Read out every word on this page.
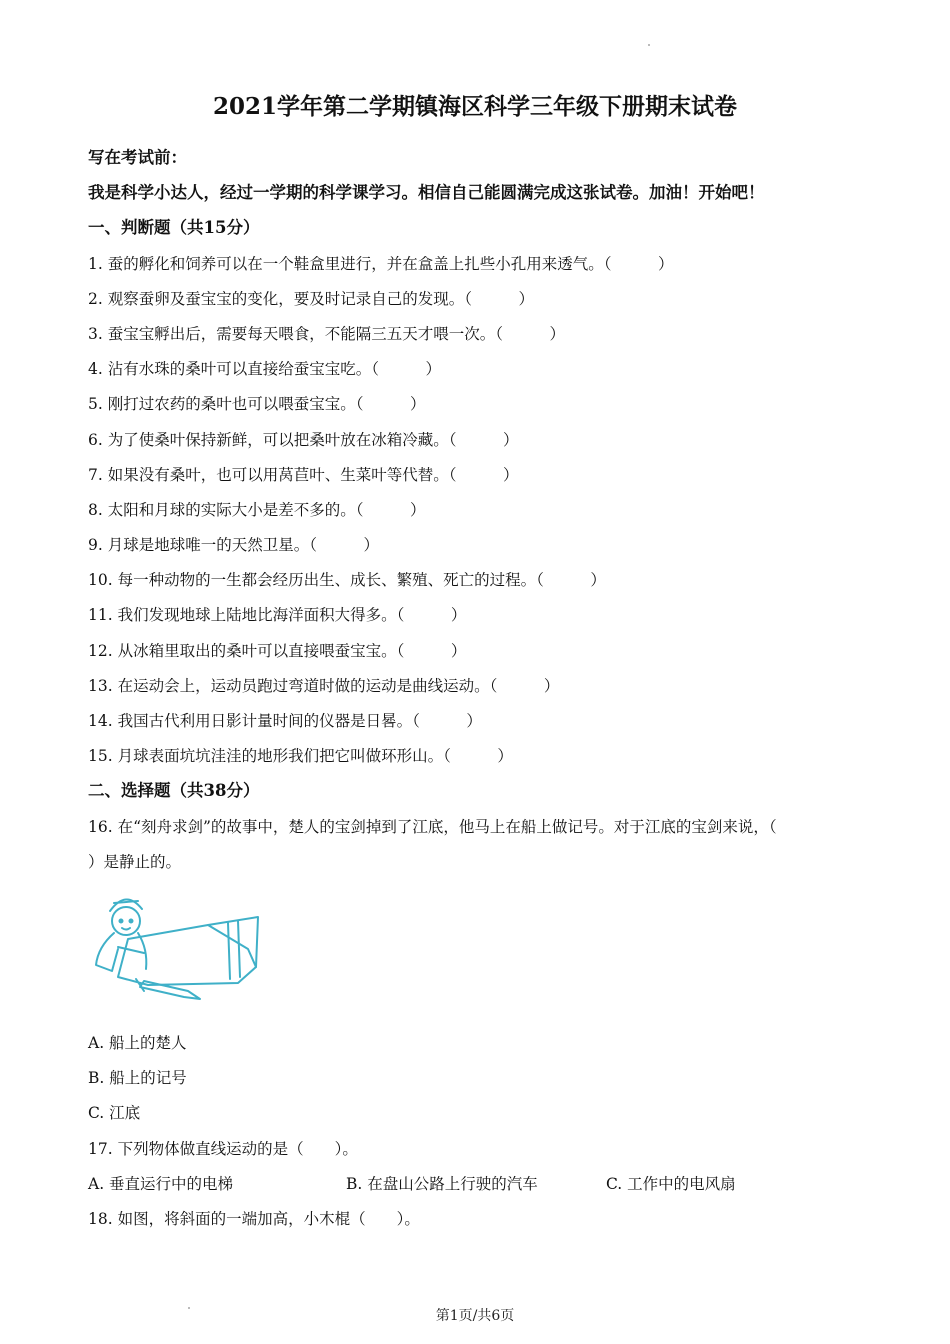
2021学年第二学期镇海区科学三年级下册期末试卷
写在考试前：
我是科学小达人，经过一学期的科学课学习。相信自己能圆满完成这张试卷。加油！开始吧！
一、判断题（共15分）
1. 蚕的孵化和饲养可以在一个鞋盒里进行，并在盒盖上扎些小孔用来透气。（　　　）
2. 观察蚕卵及蚕宝宝的变化，要及时记录自己的发现。（　　　）
3. 蚕宝宝孵出后，需要每天喂食，不能隔三五天才喂一次。（　　　）
4. 沾有水珠的桑叶可以直接给蚕宝宝吃。（　　　）
5. 刚打过农药的桑叶也可以喂蚕宝宝。（　　　）
6. 为了使桑叶保持新鲜，可以把桑叶放在冰箱冷藏。（　　　）
7. 如果没有桑叶，也可以用莴苣叶、生菜叶等代替。（　　　）
8. 太阳和月球的实际大小是差不多的。（　　　）
9. 月球是地球唯一的天然卫星。（　　　）
10. 每一种动物的一生都会经历出生、成长、繁殖、死亡的过程。（　　　）
11. 我们发现地球上陆地比海洋面积大得多。（　　　）
12. 从冰箱里取出的桑叶可以直接喂蚕宝宝。（　　　）
13. 在运动会上，运动员跑过弯道时做的运动是曲线运动。（　　　）
14. 我国古代利用日影计量时间的仪器是日晷。（　　　）
15. 月球表面坑坑洼洼的地形我们把它叫做环形山。（　　　）
二、选择题（共38分）
16. 在“刻舟求剑”的故事中，楚人的宝剑掉到了江底，他马上在船上做记号。对于江底的宝剑来说，（
）是静止的。
A. 船上的楚人
B. 船上的记号
C. 江底
17. 下列物体做直线运动的是（　　）。
A. 垂直运行中的电梯	B. 在盘山公路上行驶的汽车	C. 工作中的电风扇
18. 如图，将斜面的一端加高，小木棍（　　）。
第1页/共6页
